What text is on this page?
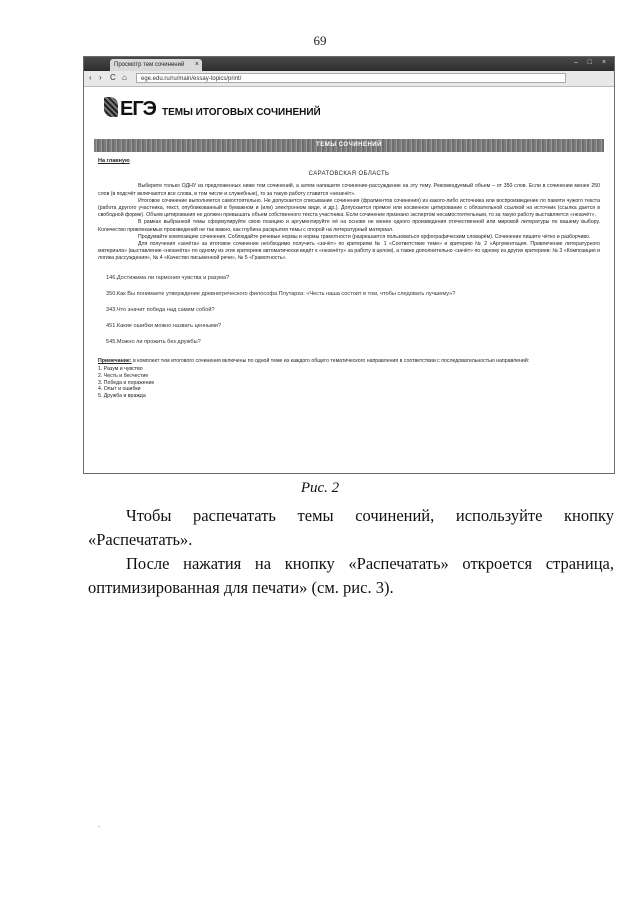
69
Просмотр тем сочинений ×	– □ ×
‹ › C ⌂	ege.edu.ru/ru/main/essay-topics/print/
ЕГЭ ТЕМЫ ИТОГОВЫХ СОЧИНЕНИЙ
ТЕМЫ СОЧИНЕНИЙ
На главную
САРАТОВСКАЯ ОБЛАСТЬ

Выберите только ОДНУ из предложенных ниже тем сочинений, а затем напишите сочинение-рассуждение на эту тему. Рекомендуемый объем – от 350 слов. Если в сочинении менее 250 слов (в подсчёт включаются все слова, в том числе и служебные), то за такую работу ставится «незачёт».

Итоговое сочинение выполняется самостоятельно. Не допускается списывание сочинения (фрагментов сочинения) из какого-либо источника или воспроизведение по памяти чужого текста (работа другого участника, текст, опубликованный в бумажном и (или) электронном виде, и др.). Допускается прямое или косвенное цитирование с обязательной ссылкой на источник (ссылка дается в свободной форме). Объем цитирования не должен превышать объем собственного текста участника. Если сочинение признано экспертом несамостоятельным, то за такую работу выставляется «незачёт».

В рамках выбранной темы сформулируйте свою позицию и аргументируйте её на основе не менее одного произведения отечественной или мировой литературы по вашему выбору. Количество привлекаемых произведений не так важно, как глубина раскрытия темы с опорой на литературный материал.

Продумайте композицию сочинения. Соблюдайте речевые нормы и нормы грамотности (разрешается пользоваться орфографическим словарём). Сочинение пишите чётко и разборчиво.

Для получения «зачёта» за итоговое сочинение необходимо получить «зачёт» по критериям № 1 «Соответствие теме» и критерию № 2 «Аргументация. Привлечение литературного материала» (выставление «незачёта» по одному из этих критериев автоматически ведёт к «незачёту» за работу в целом), а также дополнительно «зачёт» по одному из других критериев: № 3 «Композиция и логика рассуждения», № 4 «Качество письменной речи», № 5 «Грамотность».

146.Достижима ли гармония чувства и разума?
350.Как Вы понимаете утверждение древнегреческого философа Плутарха: «Честь наша состоит в том, чтобы следовать лучшему»?
343.Что значит победа над самим собой?
451.Какие ошибки можно назвать ценными?
545.Можно ли прожить без дружбы?
Примечание: в комплект тем итогового сочинения включены по одной теме из каждого общего тематического направления в соответствии с последовательностью направлений:
1. Разум и чувство
2. Честь и бесчестие
3. Победа и поражение
4. Опыт и ошибки
5. Дружба и вражда
Рис. 2

Чтобы распечатать темы сочинений, используйте кнопку «Распечатать».

После нажатия на кнопку «Распечатать» откроется страница, оптимизированная для печати» (см. рис. 3).

.
